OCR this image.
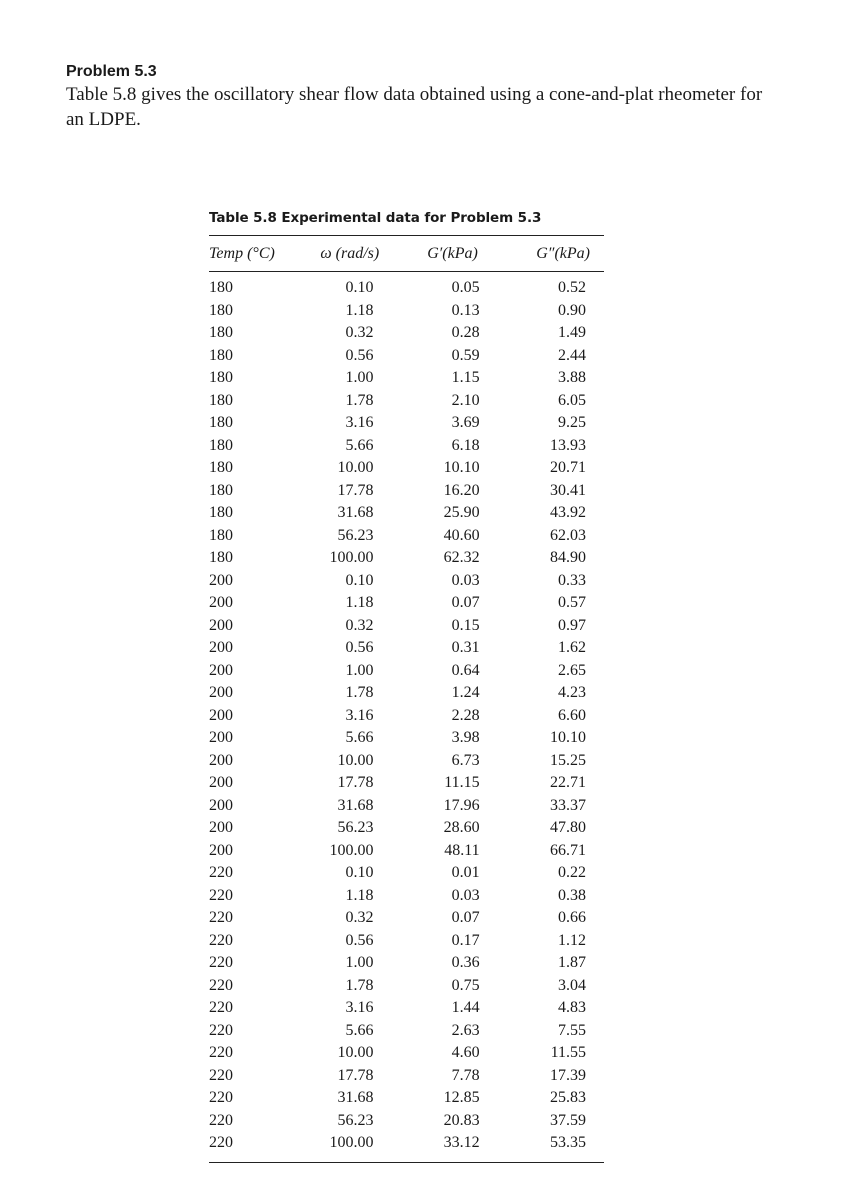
Problem 5.3

Table 5.8 gives the oscillatory shear flow data obtained using a cone-and-plat rheometer for an LDPE.

Table 5.8 Experimental data for Problem 5.3
Temp (°C)	ω (rad/s)	G′(kPa)	G″(kPa)

180	0.10	0.05	0.52
180	1.18	0.13	0.90
180	0.32	0.28	1.49
180	0.56	0.59	2.44
180	1.00	1.15	3.88
180	1.78	2.10	6.05
180	3.16	3.69	9.25
180	5.66	6.18	13.93
180	10.00	10.10	20.71
180	17.78	16.20	30.41
180	31.68	25.90	43.92
180	56.23	40.60	62.03
180	100.00	62.32	84.90
200	0.10	0.03	0.33
200	1.18	0.07	0.57
200	0.32	0.15	0.97
200	0.56	0.31	1.62
200	1.00	0.64	2.65
200	1.78	1.24	4.23
200	3.16	2.28	6.60
200	5.66	3.98	10.10
200	10.00	6.73	15.25
200	17.78	11.15	22.71
200	31.68	17.96	33.37
200	56.23	28.60	47.80
200	100.00	48.11	66.71
220	0.10	0.01	0.22
220	1.18	0.03	0.38
220	0.32	0.07	0.66
220	0.56	0.17	1.12
220	1.00	0.36	1.87
220	1.78	0.75	3.04
220	3.16	1.44	4.83
220	5.66	2.63	7.55
220	10.00	4.60	11.55
220	17.78	7.78	17.39
220	31.68	12.85	25.83
220	56.23	20.83	37.59
220	100.00	33.12	53.35
